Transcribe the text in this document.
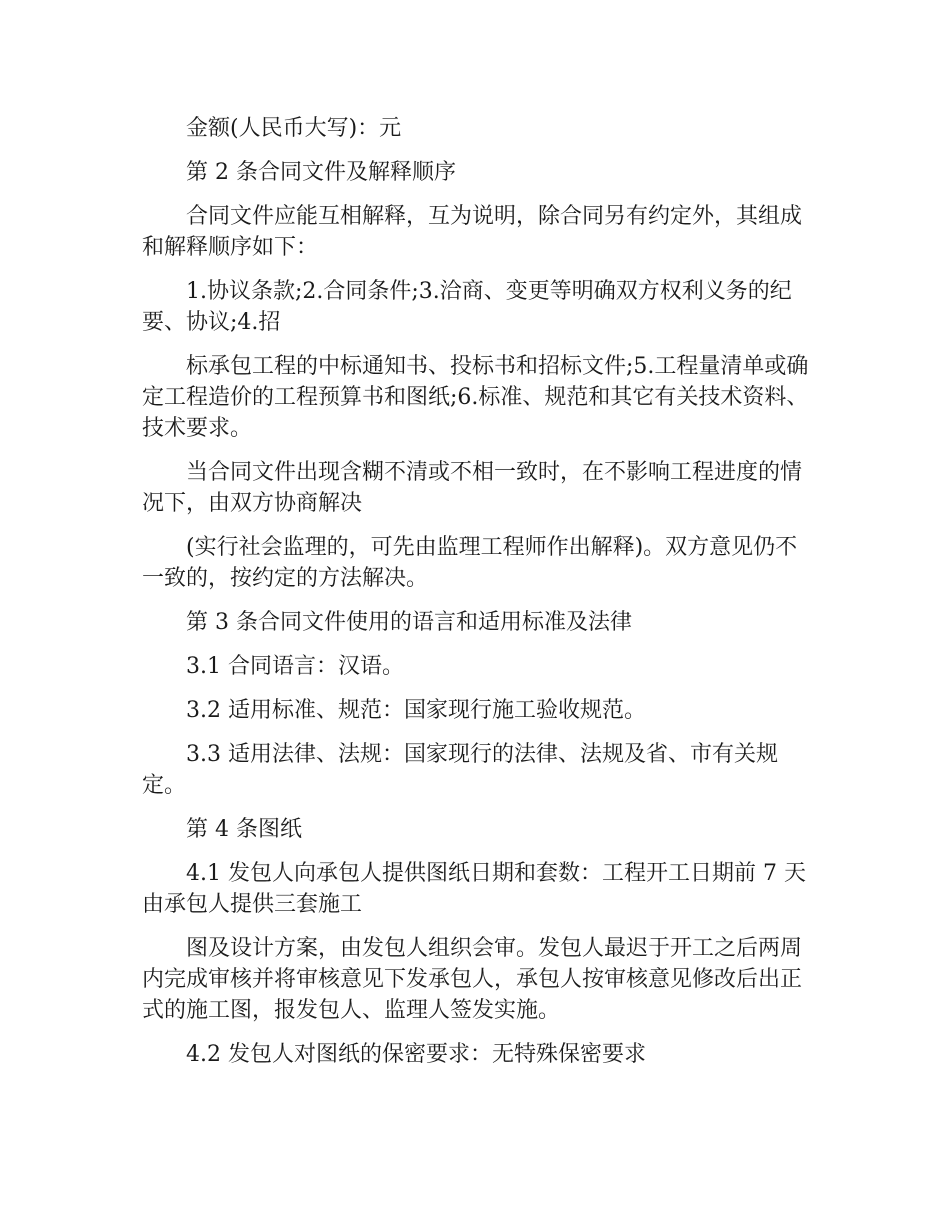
金额(人民币大写)：元

第 2 条合同文件及解释顺序

合同文件应能互相解释，互为说明，除合同另有约定外，其组成和解释顺序如下：

1.协议条款;2.合同条件;3.洽商、变更等明确双方权利义务的纪要、协议;4.招

标承包工程的中标通知书、投标书和招标文件;5.工程量清单或确定工程造价的工程预算书和图纸;6.标准、规范和其它有关技术资料、技术要求。

当合同文件出现含糊不清或不相一致时，在不影响工程进度的情况下，由双方协商解决

(实行社会监理的，可先由监理工程师作出解释)。双方意见仍不一致的，按约定的方法解决。

第 3 条合同文件使用的语言和适用标准及法律

3.1 合同语言：汉语。

3.2 适用标准、规范：国家现行施工验收规范。

3.3 适用法律、法规：国家现行的法律、法规及省、市有关规定。

第 4 条图纸

4.1 发包人向承包人提供图纸日期和套数：工程开工日期前 7 天由承包人提供三套施工

图及设计方案，由发包人组织会审。发包人最迟于开工之后两周内完成审核并将审核意见下发承包人，承包人按审核意见修改后出正式的施工图，报发包人、监理人签发实施。

4.2 发包人对图纸的保密要求：无特殊保密要求
